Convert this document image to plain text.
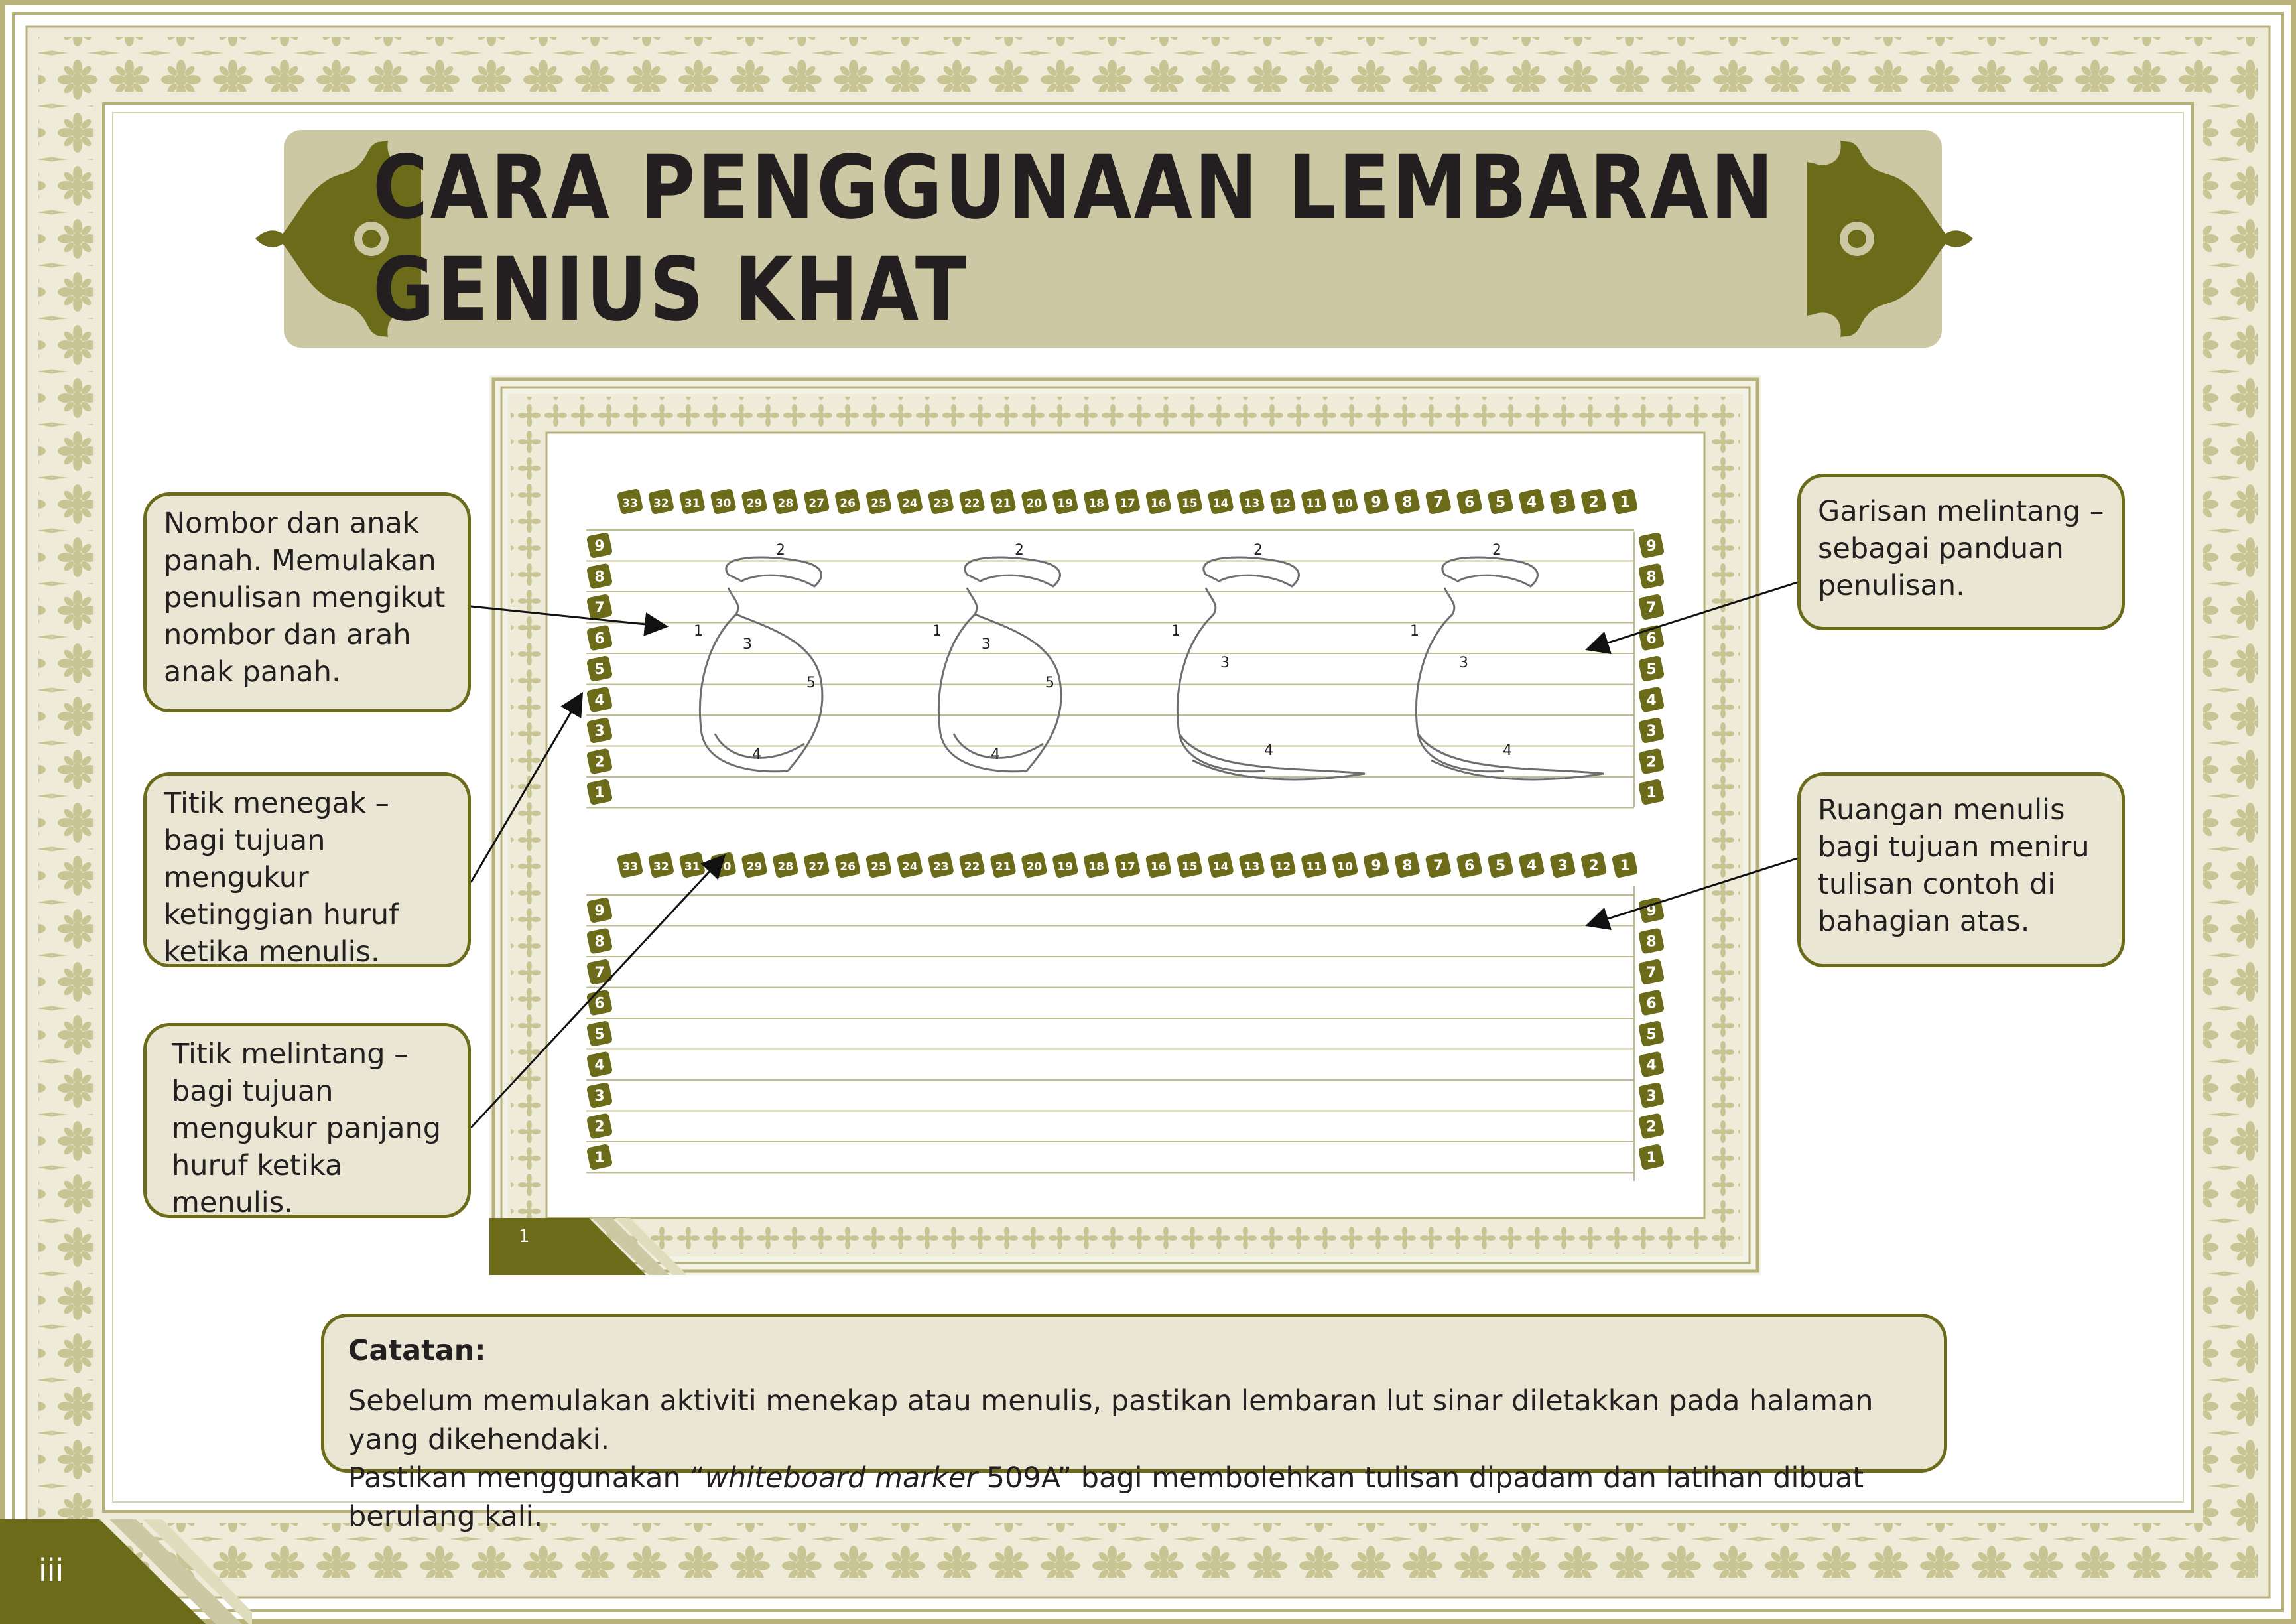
iii
CARA PENGGUNAAN LEMBARAN GENIUS KHAT
33 32 31 30 29 28 27 26 25 24 23 22 21 20 19 18 17 16 15 14 13 12 11 10 9 8 7 6 5 4 3 2 1
33 32 31 30 29 28 27 26 25 24 23 22 21 20 19 18 17 16 15 14 13 12 11 10 9 8 7 6 5 4 3 2 1
9	9
9	9
8	8
8	8
7	7
7	7
6	6
6	6
5	5
5	5
4	4
4	4
3	3
3	3
2	2
2	2
1	1
1	1
1
2
3
4
5
1
2
3
4
5
1
2
3
4
1
2
3
4
1
Nombor dan anak panah. Memulakan penulisan mengikut nombor dan arah anak panah.
Titik menegak – bagi tujuan mengukur ketinggian huruf ketika menulis.
Titik melintang – bagi tujuan mengukur panjang huruf ketika menulis.
Garisan melintang – sebagai panduan penulisan.
Ruangan menulis bagi tujuan meniru tulisan contoh di bahagian atas.
Catatan:
Sebelum memulakan aktiviti menekap atau menulis, pastikan lembaran lut sinar diletakkan pada halaman yang dikehendaki.
Pastikan menggunakan “whiteboard marker 509A” bagi membolehkan tulisan dipadam dan latihan dibuat berulang kali.
